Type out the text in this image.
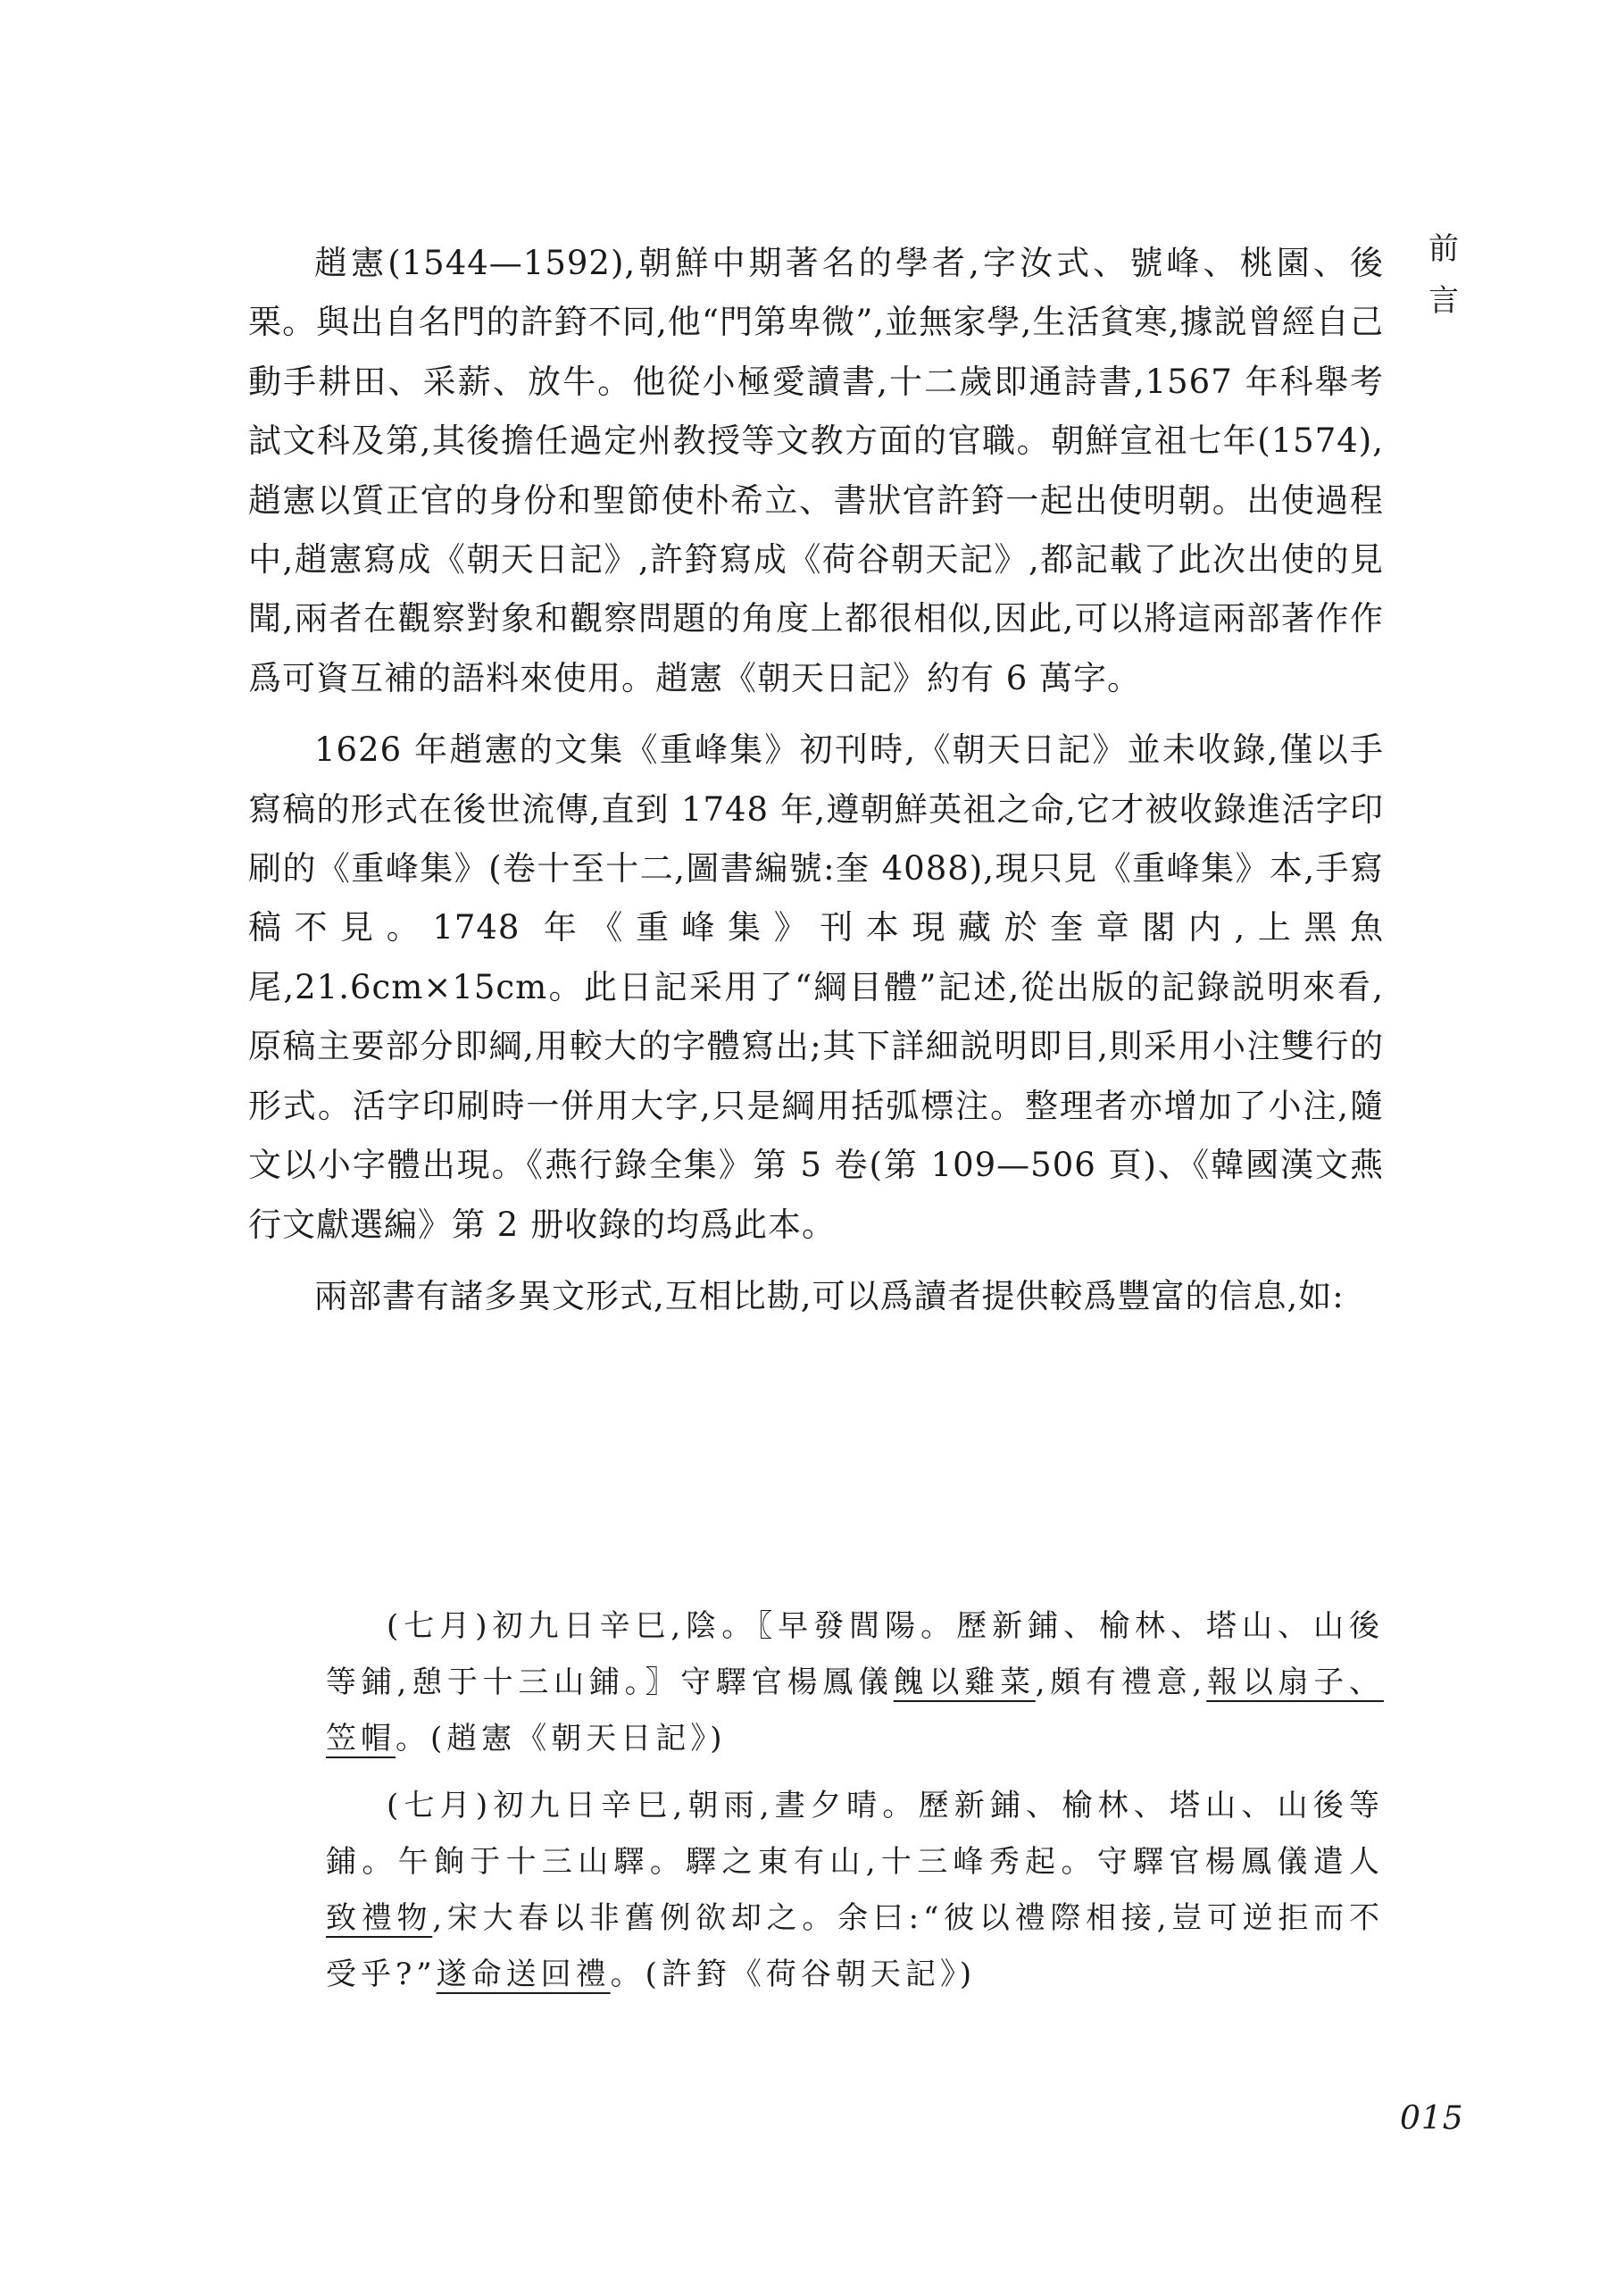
前
言

趙憲(1544—1592),朝鮮中期著名的學者,字汝式、號峰、桃園、後栗。與出自名門的許篈不同,他“門第卑微”,並無家學,生活貧寒,據説曾經自己動手耕田、采薪、放牛。他從小極愛讀書,十二歲即通詩書,1567 年科舉考試文科及第,其後擔任過定州教授等文教方面的官職。朝鮮宣祖七年(1574),趙憲以質正官的身份和聖節使朴希立、書狀官許篈一起出使明朝。出使過程中,趙憲寫成《朝天日記》,許篈寫成《荷谷朝天記》,都記載了此次出使的見聞,兩者在觀察對象和觀察問題的角度上都很相似,因此,可以將這兩部著作作爲可資互補的語料來使用。趙憲《朝天日記》約有 6 萬字。

1626 年趙憲的文集《重峰集》初刊時,《朝天日記》並未收錄,僅以手寫稿的形式在後世流傳,直到 1748 年,遵朝鮮英祖之命,它才被收錄進活字印刷的《重峰集》(卷十至十二,圖書編號:奎 4088),現只見《重峰集》本,手寫稿不見。1748 年《重峰集》刊本現藏於奎章閣内,上黑魚尾,21.6cm×15cm。此日記采用了“綱目體”記述,從出版的記錄説明來看,原稿主要部分即綱,用較大的字體寫出;其下詳細説明即目,則采用小注雙行的形式。活字印刷時一併用大字,只是綱用括弧標注。整理者亦增加了小注,隨文以小字體出現。《燕行錄全集》第 5 卷(第 109—506 頁)、《韓國漢文燕行文獻選編》第 2 册收錄的均爲此本。

兩部書有諸多異文形式,互相比勘,可以爲讀者提供較爲豐富的信息,如:

(七月)初九日辛巳,陰。〖早發閭陽。歷新鋪、榆林、塔山、山後等鋪,憩于十三山鋪。〗守驛官楊鳳儀餽以雞菜,頗有禮意,報以扇子、笠帽。(趙憲《朝天日記》)

(七月)初九日辛巳,朝雨,晝夕晴。歷新鋪、榆林、塔山、山後等鋪。午餉于十三山驛。驛之東有山,十三峰秀起。守驛官楊鳳儀遣人致禮物,宋大春以非舊例欲却之。余曰:“彼以禮際相接,豈可逆拒而不受乎?”遂命送回禮。(許篈《荷谷朝天記》)

015
